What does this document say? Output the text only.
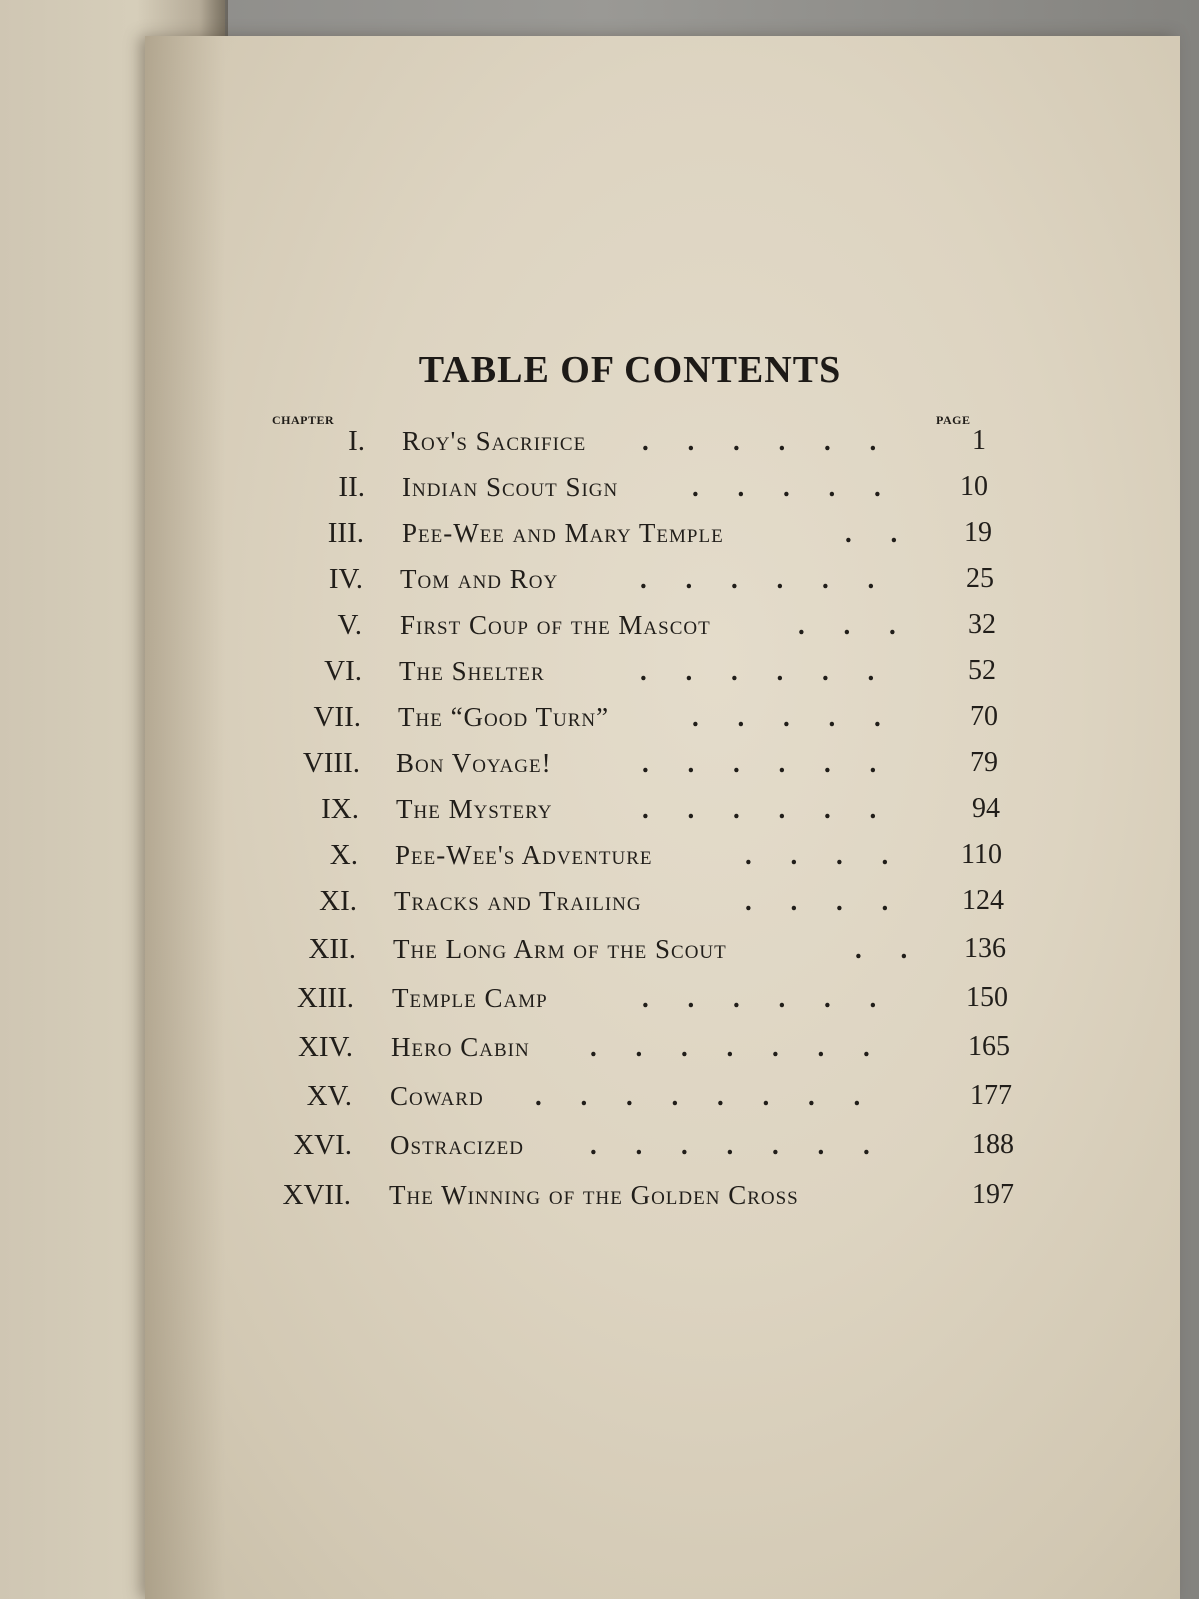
TABLE OF CONTENTS
CHAPTER	PAGE
I. Roy's Sacrifice . . . . . .	1
II. Indian Scout Sign	. . . . .	10
III. Pee-Wee and Mary Temple	. .	19
IV. Tom and Roy	. . . . . .	25
V. First Coup of the Mascot	. . .	32
VI. The Shelter	. . . . . .	52
VII. The “Good Turn”	. . . . .	70
VIII. Bon Voyage!	. . . . . .	79
IX. The Mystery	. . . . . .	94
X. Pee-Wee's Adventure	. . . .	110
XI. Tracks and Trailing	. . . .	124
XII. The Long Arm of the Scout	. .	136
XIII. Temple Camp	. . . . . .	150
XIV. Hero Cabin . . . . . . .	165
XV. Coward . . . . . . . .	177
XVI. Ostracized . . . . . . .	188
XVII. The Winning of the Golden Cross	197
